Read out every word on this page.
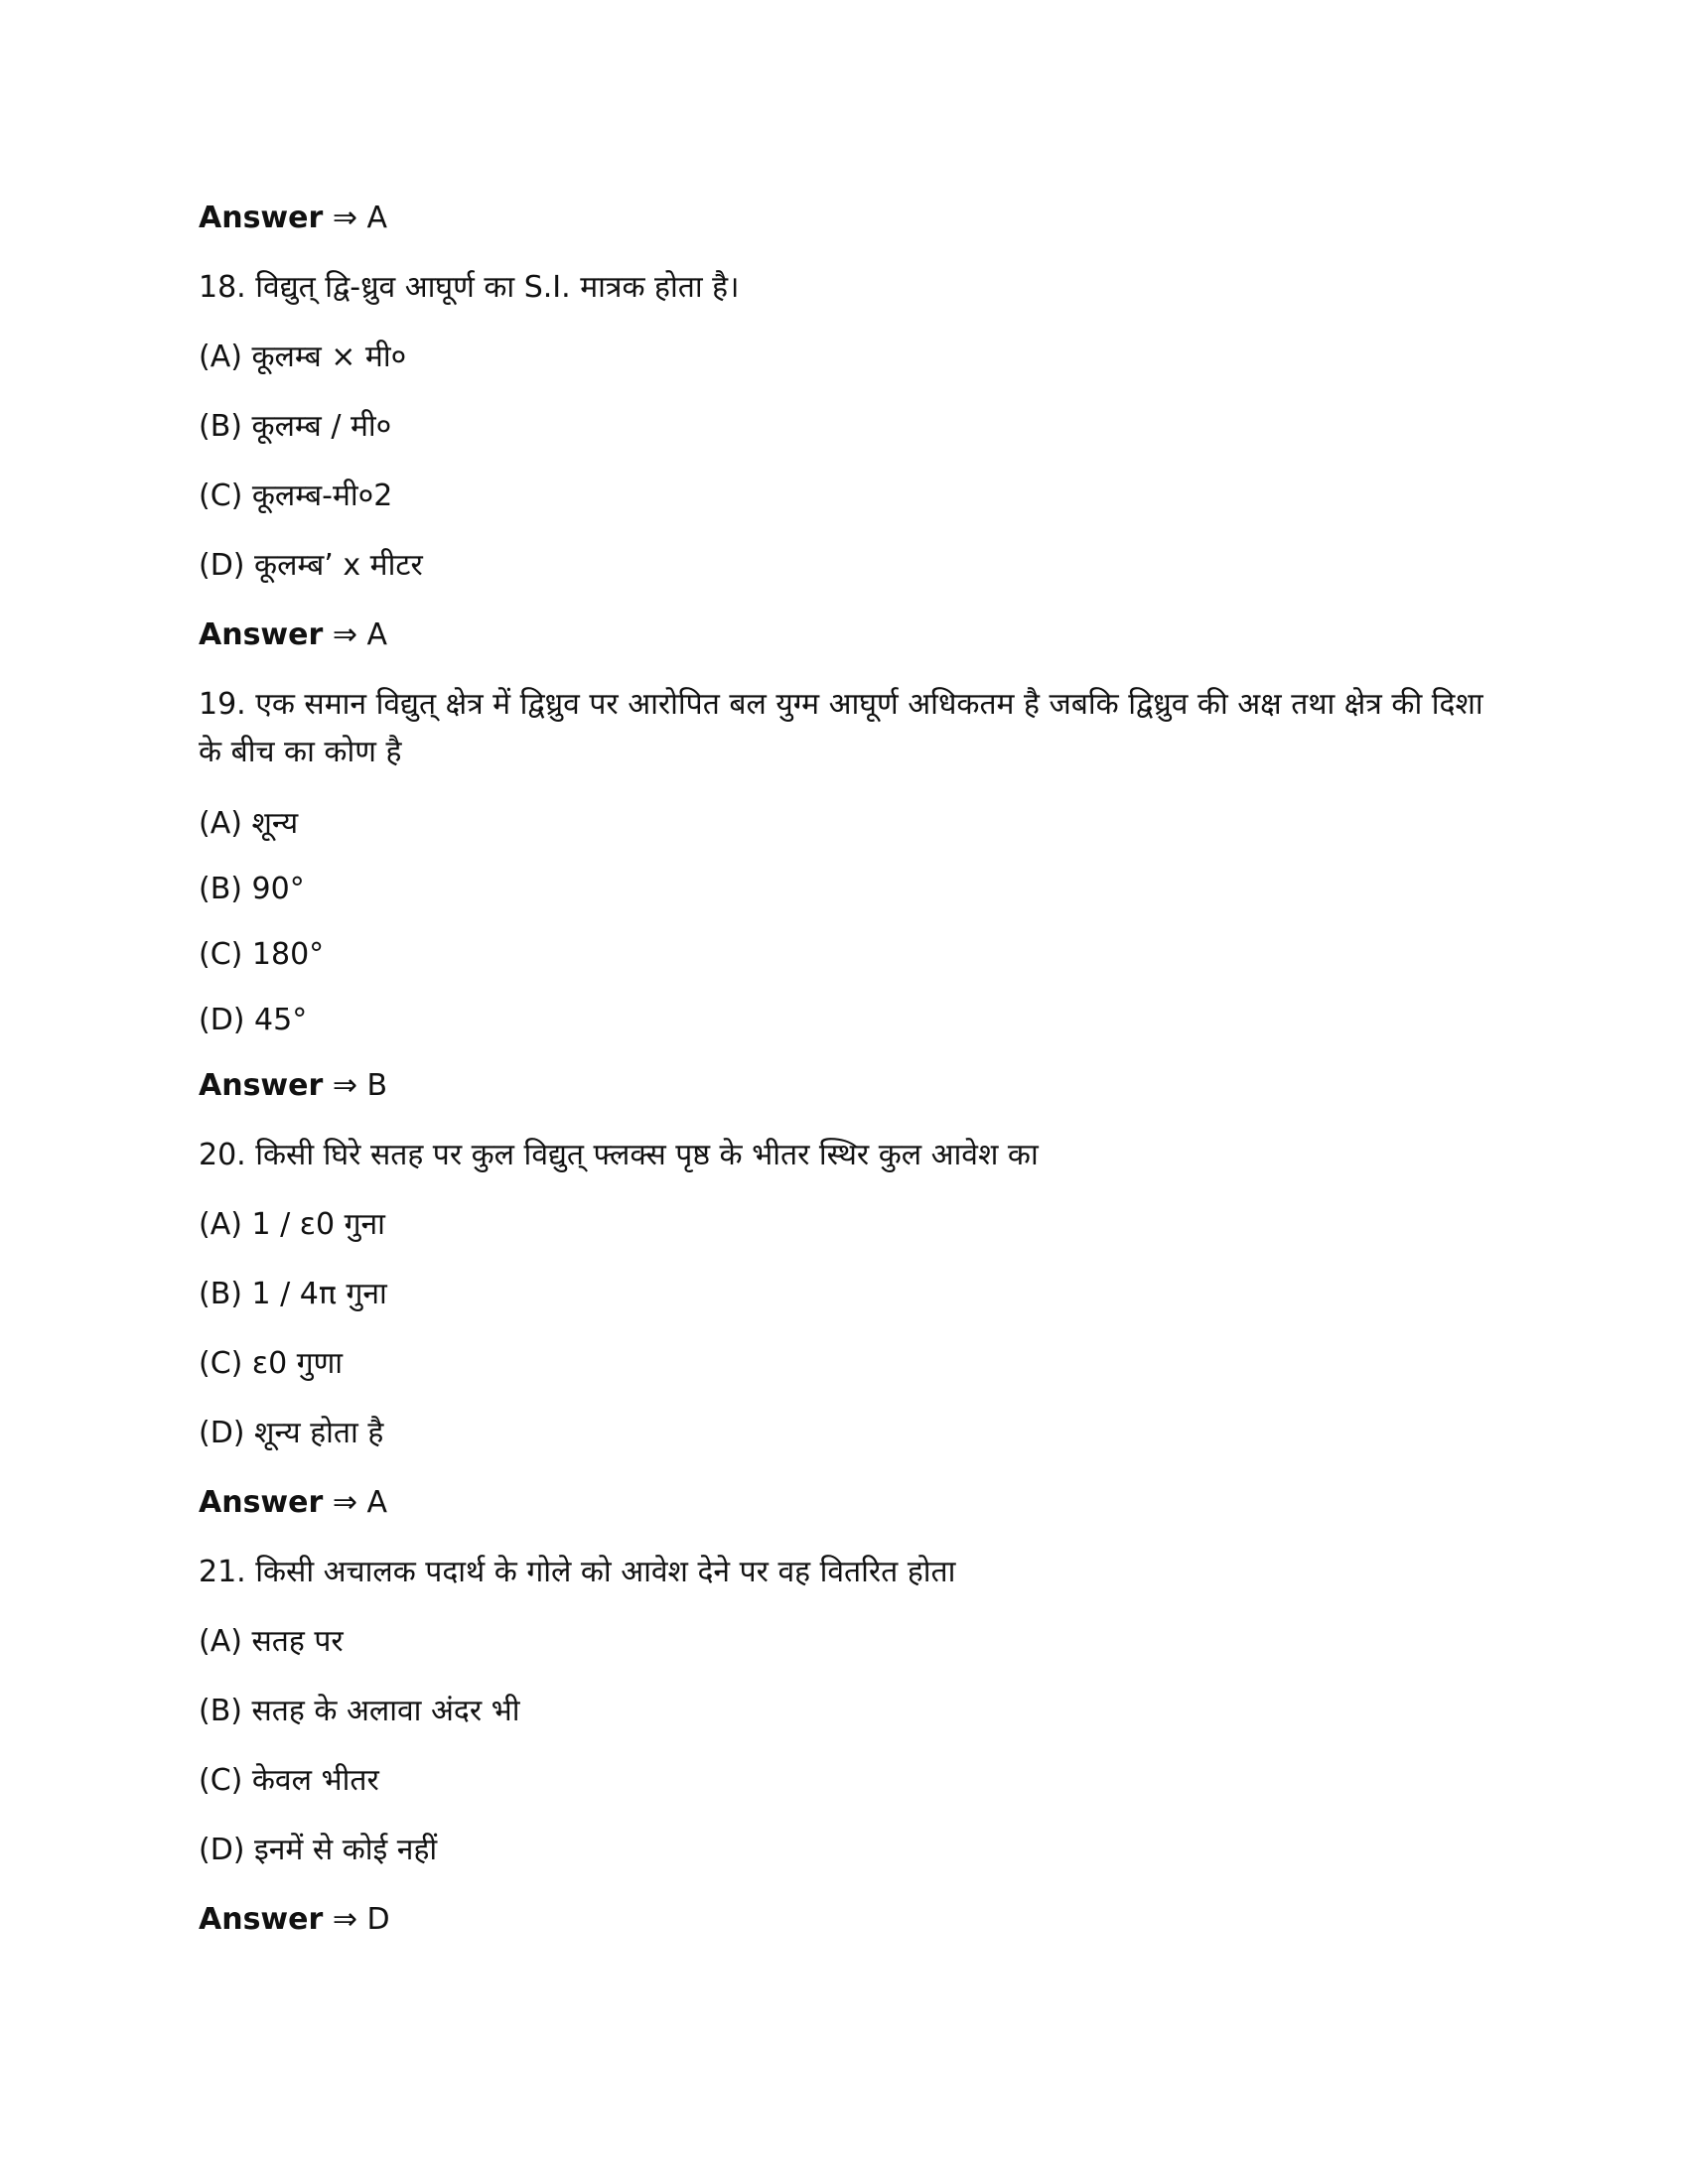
Answer ⇒ A
18. विद्युत् द्वि-ध्रुव आघूर्ण का S.I. मात्रक होता है।
(A) कूलम्ब × मी०
(B) कूलम्ब / मी०
(C) कूलम्ब-मी०2
(D) कूलम्ब’ x मीटर
Answer ⇒ A
19. एक समान विद्युत् क्षेत्र में द्विध्रुव पर आरोपित बल युग्म आघूर्ण अधिकतम है जबकि द्विध्रुव की अक्ष तथा क्षेत्र की दिशा के बीच का कोण है
(A) शून्य
(B) 90°
(C) 180°
(D) 45°
Answer ⇒ B
20. किसी घिरे सतह पर कुल विद्युत् फ्लक्स पृष्ठ के भीतर स्थिर कुल आवेश का
(A) 1 / ε0 गुना
(B) 1 / 4π गुना
(C) ε0 गुणा
(D) शून्य होता है
Answer ⇒ A
21. किसी अचालक पदार्थ के गोले को आवेश देने पर वह वितरित होता
(A) सतह पर
(B) सतह के अलावा अंदर भी
(C) केवल भीतर
(D) इनमें से कोई नहीं
Answer ⇒ D
